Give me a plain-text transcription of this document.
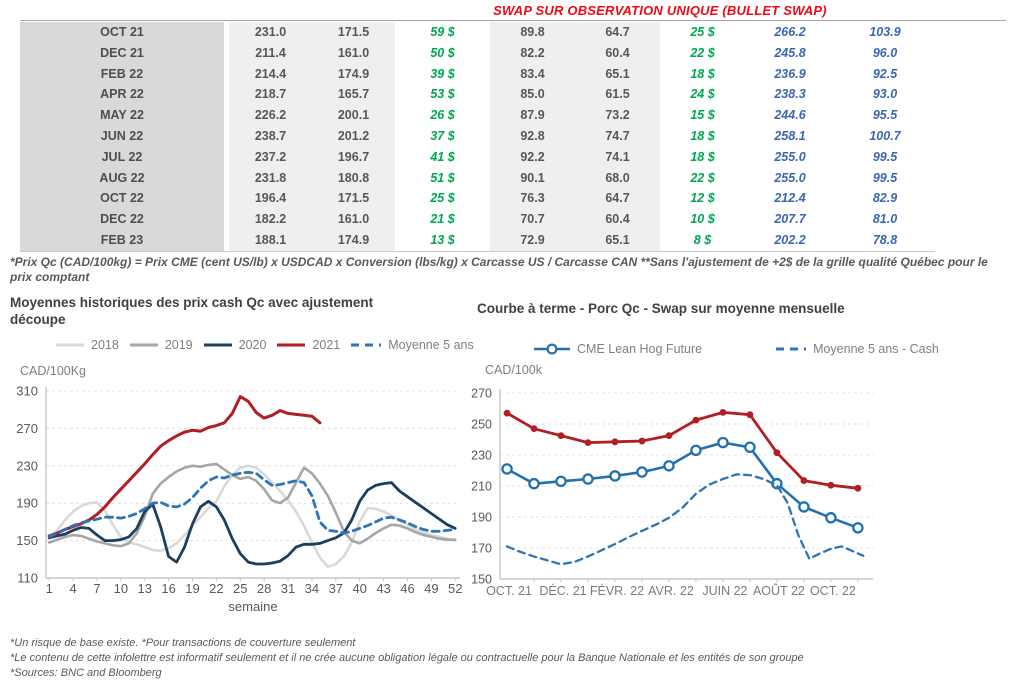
SWAP SUR OBSERVATION UNIQUE (BULLET SWAP)
OCT 21	231.0	171.5	59 $	89.8	64.7	25 $	266.2	103.9
DEC 21	211.4	161.0	50 $	82.2	60.4	22 $	245.8	96.0
FEB 22	214.4	174.9	39 $	83.4	65.1	18 $	236.9	92.5
APR 22	218.7	165.7	53 $	85.0	61.5	24 $	238.3	93.0
MAY 22	226.2	200.1	26 $	87.9	73.2	15 $	244.6	95.5
JUN 22	238.7	201.2	37 $	92.8	74.7	18 $	258.1	100.7
JUL 22	237.2	196.7	41 $	92.2	74.1	18 $	255.0	99.5
AUG 22	231.8	180.8	51 $	90.1	68.0	22 $	255.0	99.5
OCT 22	196.4	171.5	25 $	76.3	64.7	12 $	212.4	82.9
DEC 22	182.2	161.0	21 $	70.7	60.4	10 $	207.7	81.0
FEB 23	188.1	174.9	13 $	72.9	65.1	8 $	202.2	78.8
*Prix Qc (CAD/100kg) = Prix CME (cent US/lb) x USDCAD x Conversion (lbs/kg) x Carcasse US / Carcasse CAN **Sans l'ajustement de +2$ de la grille qualité Québec pour le prix comptant
Moyennes historiques des prix cash Qc avec ajustement découpe
2018	2019	2020	2021	Moyenne 5 ans
110
150
190
230
270
310
1 4 7 10 13 16 19 22 25 28 31 34 37 40 43 46 49 52
semaine
CAD/100Kg
Courbe à terme - Porc Qc - Swap sur moyenne mensuelle
CME Lean Hog Future	Moyenne 5 ans - Cash
150
170
190
210
230
250
270
OCT. 21 DÉC. 21 FÉVR. 22 AVR. 22 JUIN 22 AOÛT 22 OCT. 22
CAD/100k
*Un risque de base existe. *Pour transactions de couverture seulement
*Le contenu de cette infolettre est informatif seulement et il ne crée aucune obligation légale ou contractuelle pour la Banque Nationale et les entités de son groupe
*Sources: BNC and Bloomberg
